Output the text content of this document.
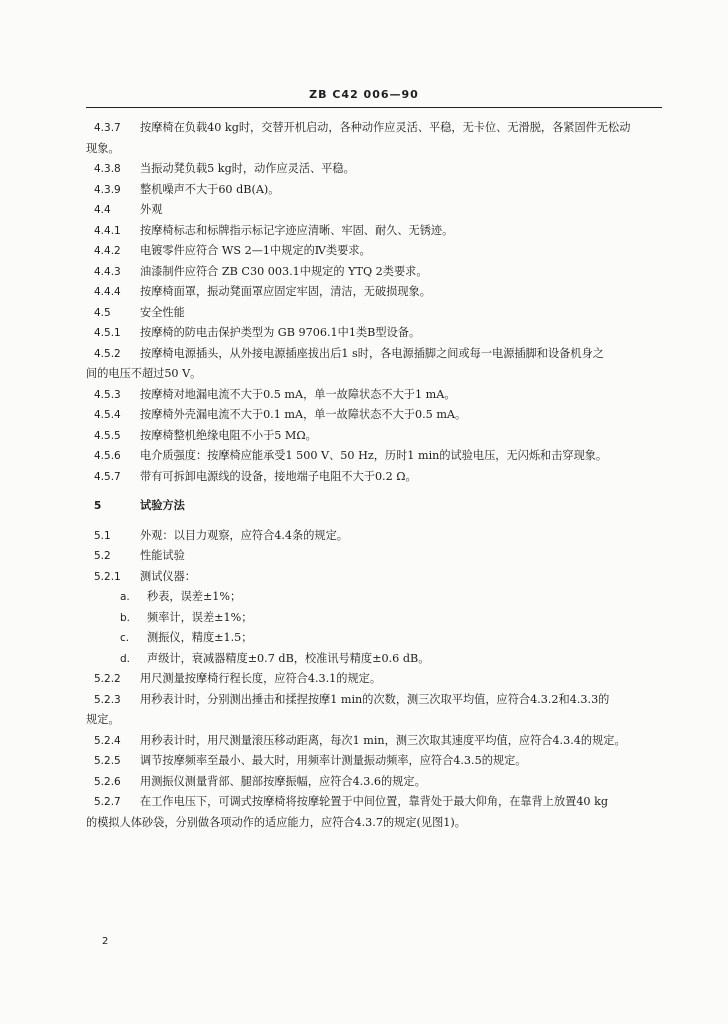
ZB C42 006—90
4.3.7 按摩椅在负载40 kg时，交替开机启动，各种动作应灵活、平稳，无卡位、无滑脱，各紧固件无松动
现象。
4.3.8 当振动凳负载5 kg时，动作应灵活、平稳。
4.3.9 整机噪声不大于60 dB(A)。
4.4	外观
4.4.1 按摩椅标志和标牌指示标记字迹应清晰、牢固、耐久、无锈迹。
4.4.2 电镀零件应符合 WS 2—1中规定的Ⅳ类要求。
4.4.3 油漆制件应符合 ZB C30 003.1中规定的 YTQ 2类要求。
4.4.4 按摩椅面罩，振动凳面罩应固定牢固，清洁，无破损现象。
4.5	安全性能
4.5.1 按摩椅的防电击保护类型为 GB 9706.1中1类B型设备。
4.5.2 按摩椅电源插头，从外接电源插座拔出后1 s时，各电源插脚之间或每一电源插脚和设备机身之
间的电压不超过50 V。
4.5.3 按摩椅对地漏电流不大于0.5 mA，单一故障状态不大于1 mA。
4.5.4 按摩椅外壳漏电流不大于0.1 mA，单一故障状态不大于0.5 mA。
4.5.5 按摩椅整机绝缘电阻不小于5 MΩ。
4.5.6 电介质强度：按摩椅应能承受1 500 V、50 Hz，历时1 min的试验电压，无闪烁和击穿现象。
4.5.7 带有可拆卸电源线的设备，接地端子电阻不大于0.2 Ω。
5	试验方法
5.1	外观：以目力观察，应符合4.4条的规定。
5.2	性能试验
5.2.1 测试仪器：
a. 秒表，误差±1%；
b. 频率计，误差±1%；
c. 测振仪，精度±1.5；
d. 声级计，衰减器精度±0.7 dB，校准讯号精度±0.6 dB。
5.2.2 用尺测量按摩椅行程长度，应符合4.3.1的规定。
5.2.3 用秒表计时，分别测出捶击和揉捏按摩1 min的次数，测三次取平均值，应符合4.3.2和4.3.3的
规定。
5.2.4 用秒表计时，用尺测量滚压移动距离，每次1 min，测三次取其速度平均值，应符合4.3.4的规定。
5.2.5 调节按摩频率至最小、最大时，用频率计测量振动频率，应符合4.3.5的规定。
5.2.6 用测振仪测量背部、腿部按摩振幅，应符合4.3.6的规定。
5.2.7 在工作电压下，可调式按摩椅将按摩轮置于中间位置，靠背处于最大仰角，在靠背上放置40 kg
的模拟人体砂袋，分别做各项动作的适应能力，应符合4.3.7的规定(见图1)。
2
